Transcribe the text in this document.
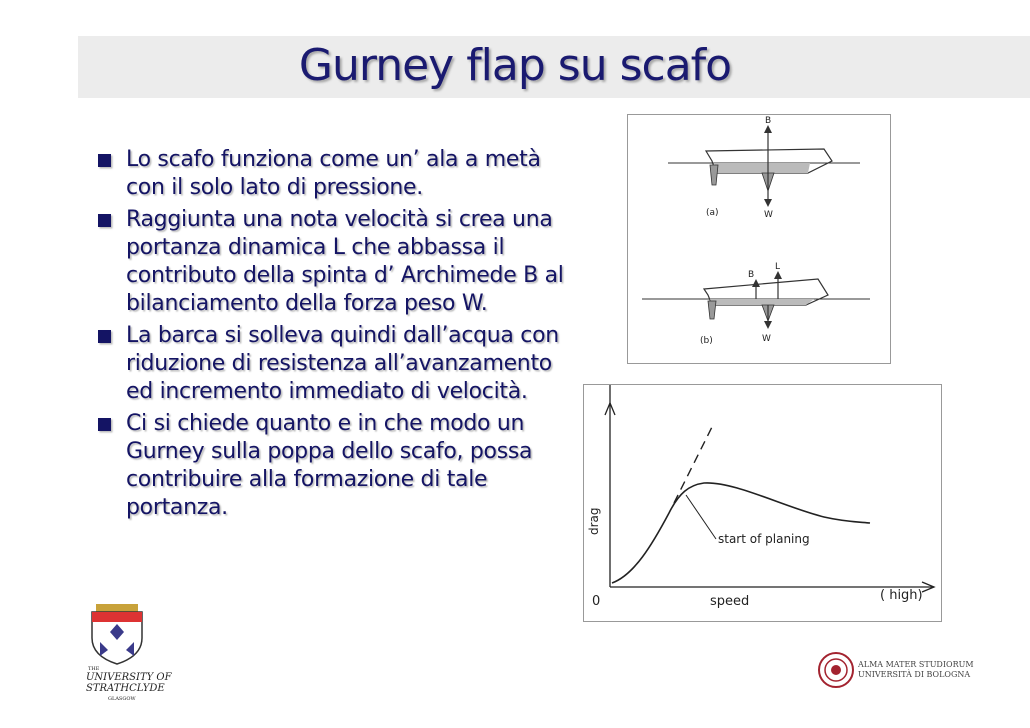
Gurney flap su scafo
Lo scafo funziona come un’ ala a metà con il solo lato di pressione.
Raggiunta una nota velocità si crea una portanza dinamica L che abbassa il contributo della spinta d’ Archimede B al bilanciamento della forza peso W.
La barca si solleva quindi dall’acqua con riduzione di resistenza all’avanzamento ed incremento immediato di velocità.
Ci si chiede quanto e in che modo un Gurney sulla poppa dello scafo, possa contribuire alla formazione di tale portanza.
B
W
(a)
B
L
W
(b)
drag
speed
0	( high)
start of planing
THE
UNIVERSITY OF
STRATHCLYDE
GLASGOW
ALMA MATER STUDIORUM
UNIVERSITÀ DI BOLOGNA
